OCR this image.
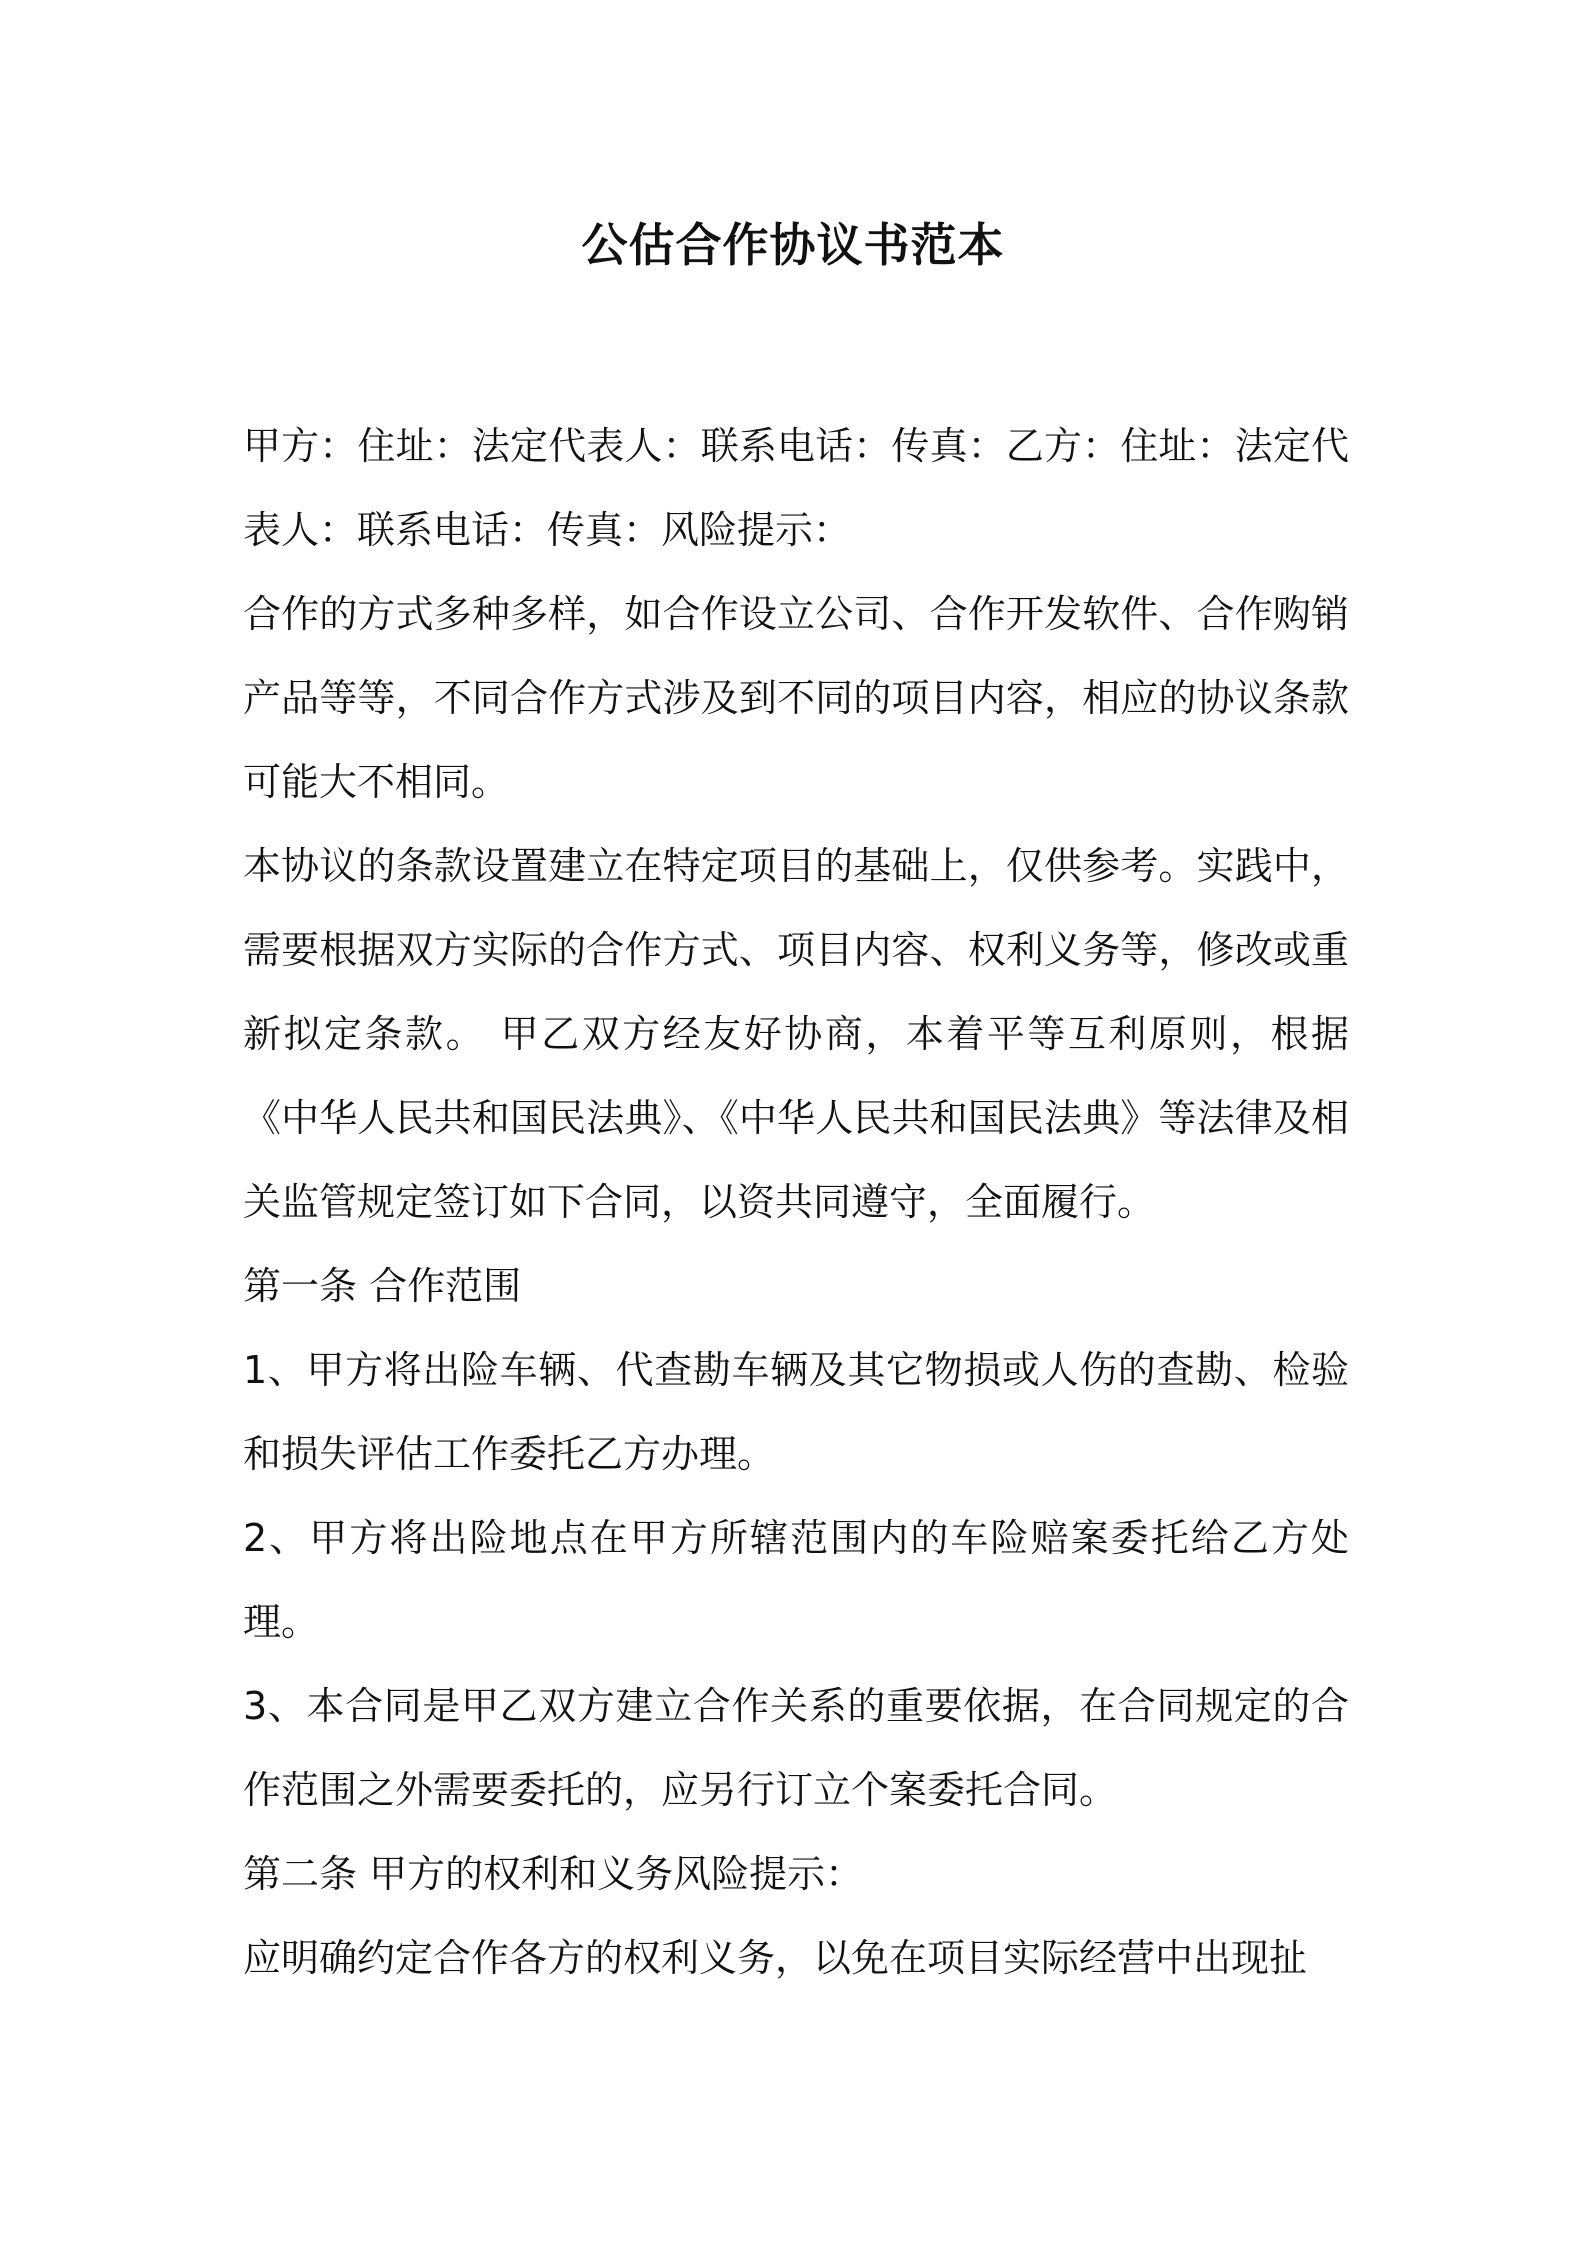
公估合作协议书范本

甲方：住址：法定代表人：联系电话：传真：乙方：住址：法定代表人：联系电话：传真：风险提示：

合作的方式多种多样，如合作设立公司、合作开发软件、合作购销产品等等，不同合作方式涉及到不同的项目内容，相应的协议条款可能大不相同。

本协议的条款设置建立在特定项目的基础上，仅供参考。实践中，需要根据双方实际的合作方式、项目内容、权利义务等，修改或重新拟定条款。 甲乙双方经友好协商，本着平等互利原则，根据《中华人民共和国民法典》、《中华人民共和国民法典》等法律及相关监管规定签订如下合同，以资共同遵守，全面履行。

第一条 合作范围

1、甲方将出险车辆、代查勘车辆及其它物损或人伤的查勘、检验和损失评估工作委托乙方办理。

2、甲方将出险地点在甲方所辖范围内的车险赔案委托给乙方处理。

3、本合同是甲乙双方建立合作关系的重要依据，在合同规定的合作范围之外需要委托的，应另行订立个案委托合同。

第二条 甲方的权利和义务风险提示：

应明确约定合作各方的权利义务，以免在项目实际经营中出现扯
